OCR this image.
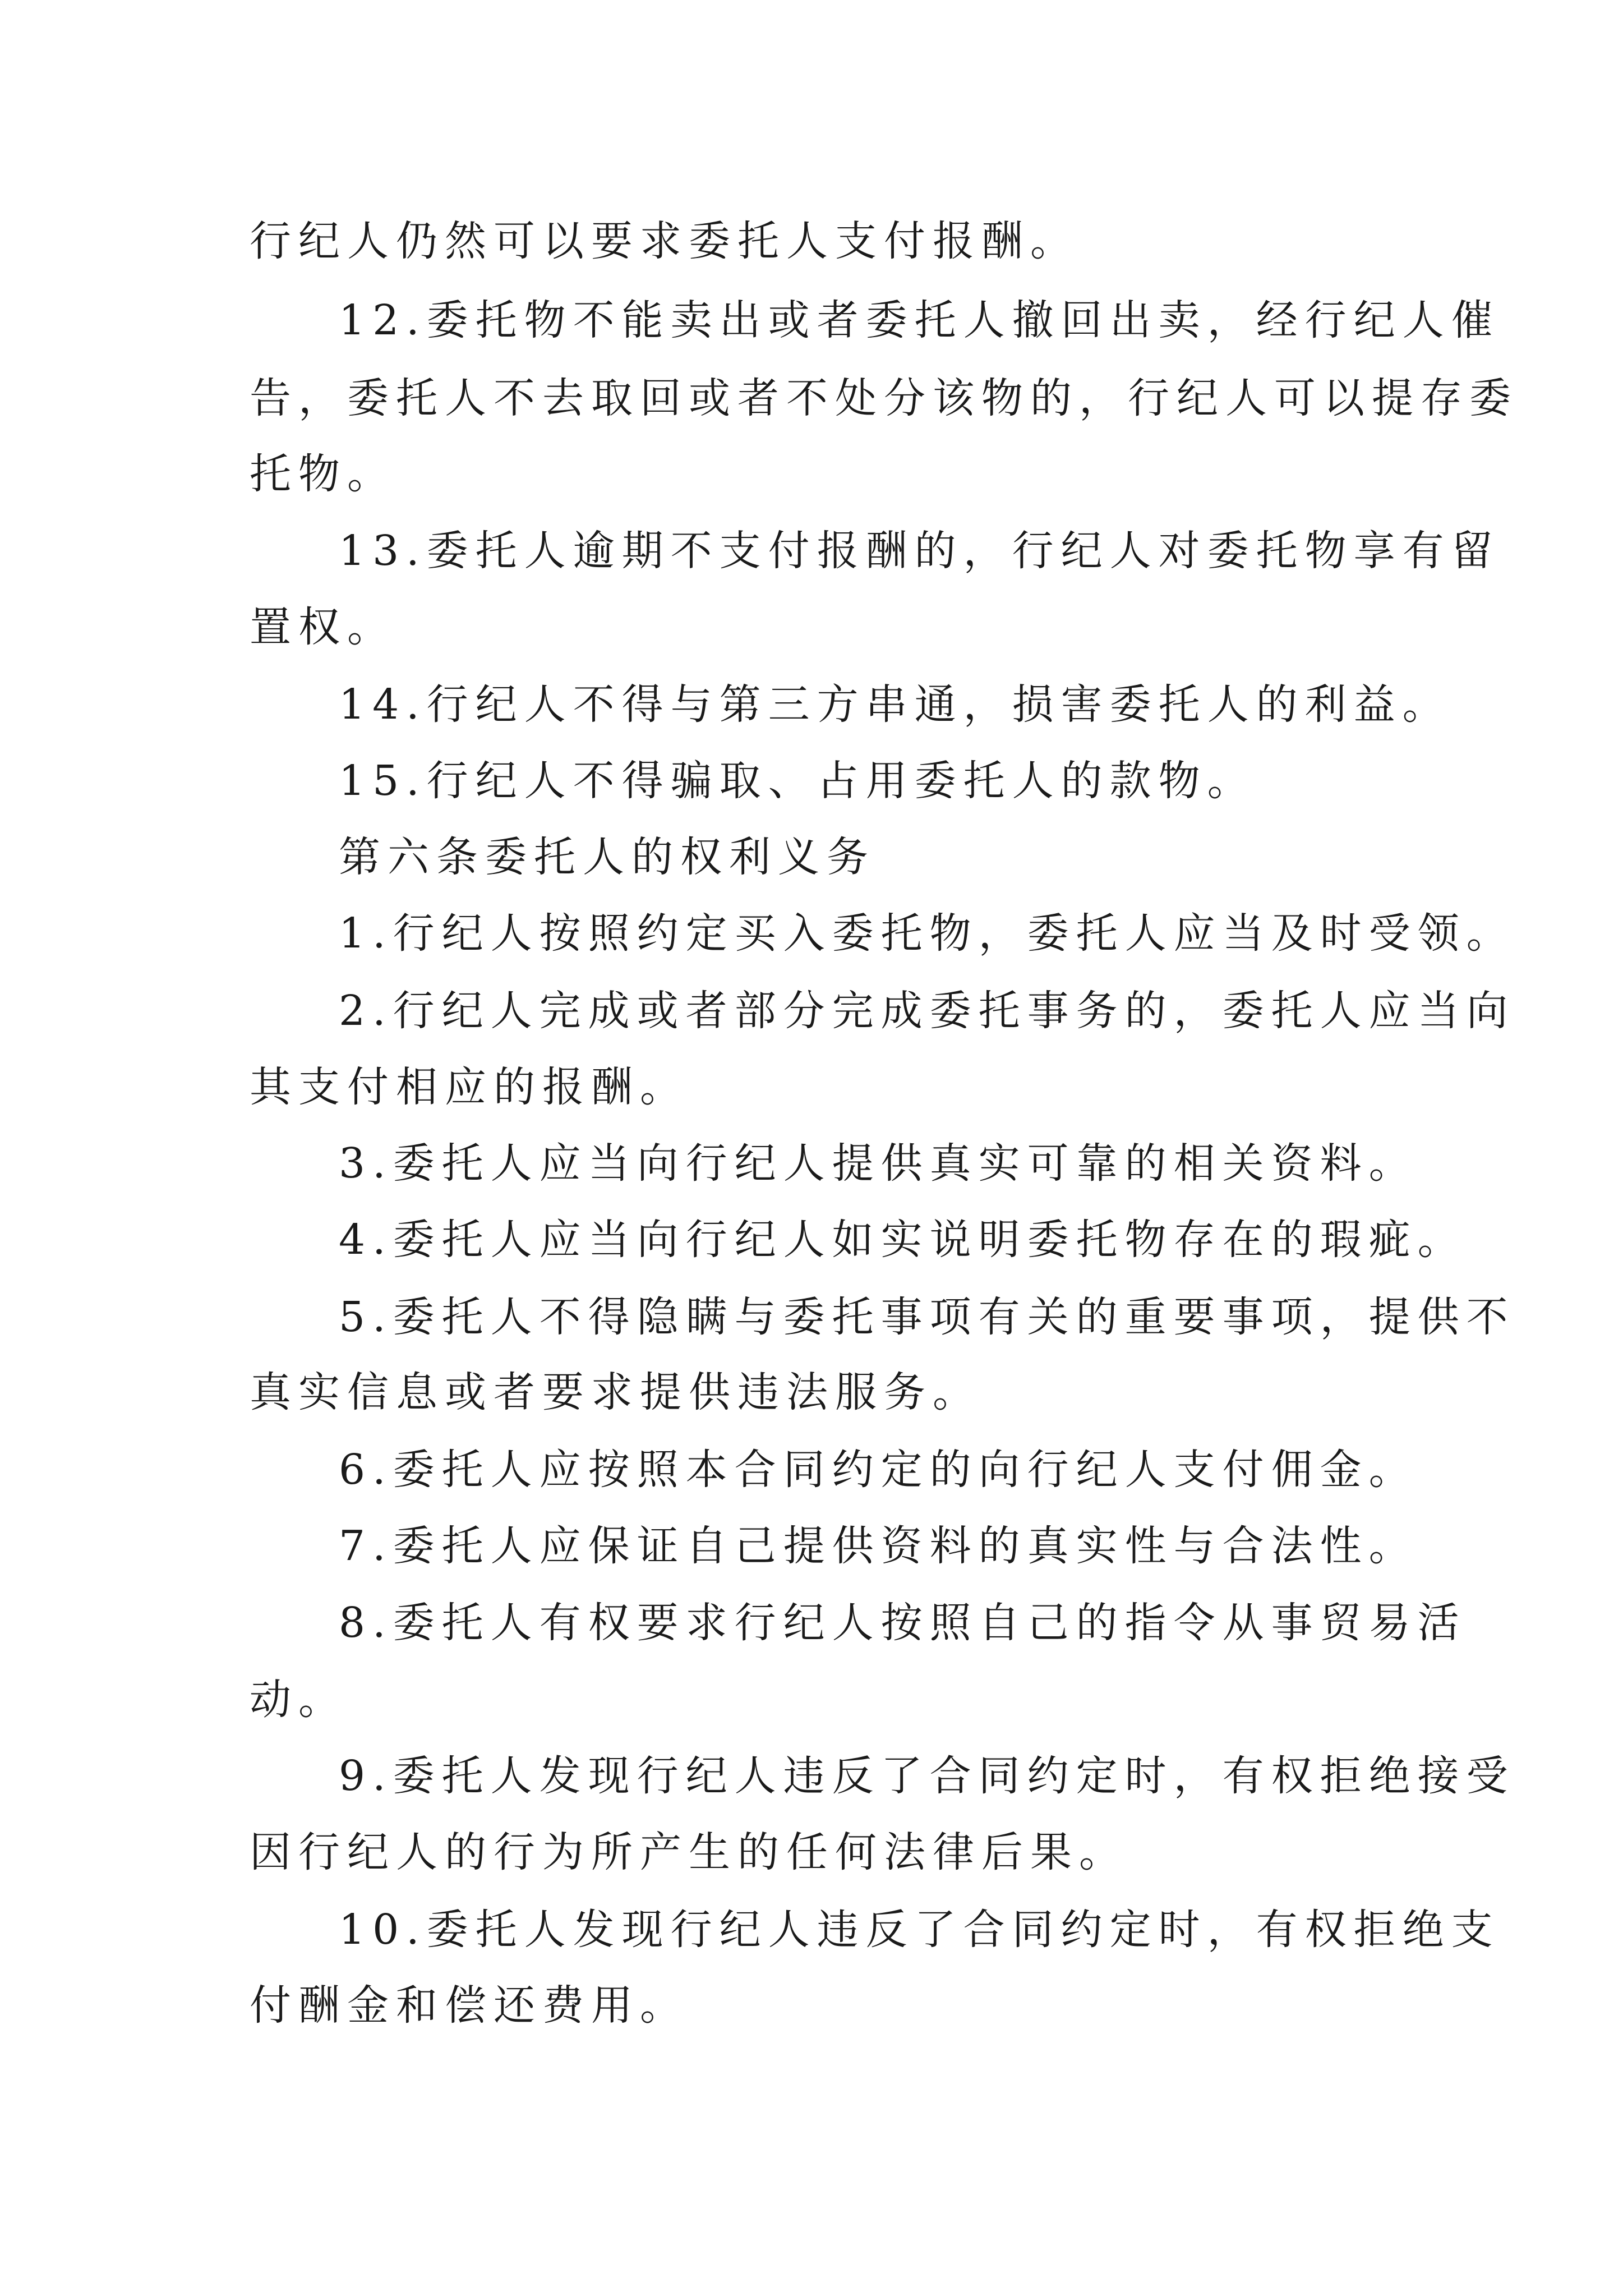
行纪人仍然可以要求委托人支付报酬。

12.委托物不能卖出或者委托人撤回出卖，经行纪人催

告，委托人不去取回或者不处分该物的，行纪人可以提存委

托物。

13.委托人逾期不支付报酬的，行纪人对委托物享有留

置权。

14.行纪人不得与第三方串通，损害委托人的利益。

15.行纪人不得骗取、占用委托人的款物。

第六条委托人的权利义务

1.行纪人按照约定买入委托物，委托人应当及时受领。

2.行纪人完成或者部分完成委托事务的，委托人应当向

其支付相应的报酬。

3.委托人应当向行纪人提供真实可靠的相关资料。

4.委托人应当向行纪人如实说明委托物存在的瑕疵。

5.委托人不得隐瞒与委托事项有关的重要事项，提供不

真实信息或者要求提供违法服务。

6.委托人应按照本合同约定的向行纪人支付佣金。

7.委托人应保证自己提供资料的真实性与合法性。

8.委托人有权要求行纪人按照自己的指令从事贸易活

动。

9.委托人发现行纪人违反了合同约定时，有权拒绝接受

因行纪人的行为所产生的任何法律后果。

10.委托人发现行纪人违反了合同约定时，有权拒绝支

付酬金和偿还费用。
